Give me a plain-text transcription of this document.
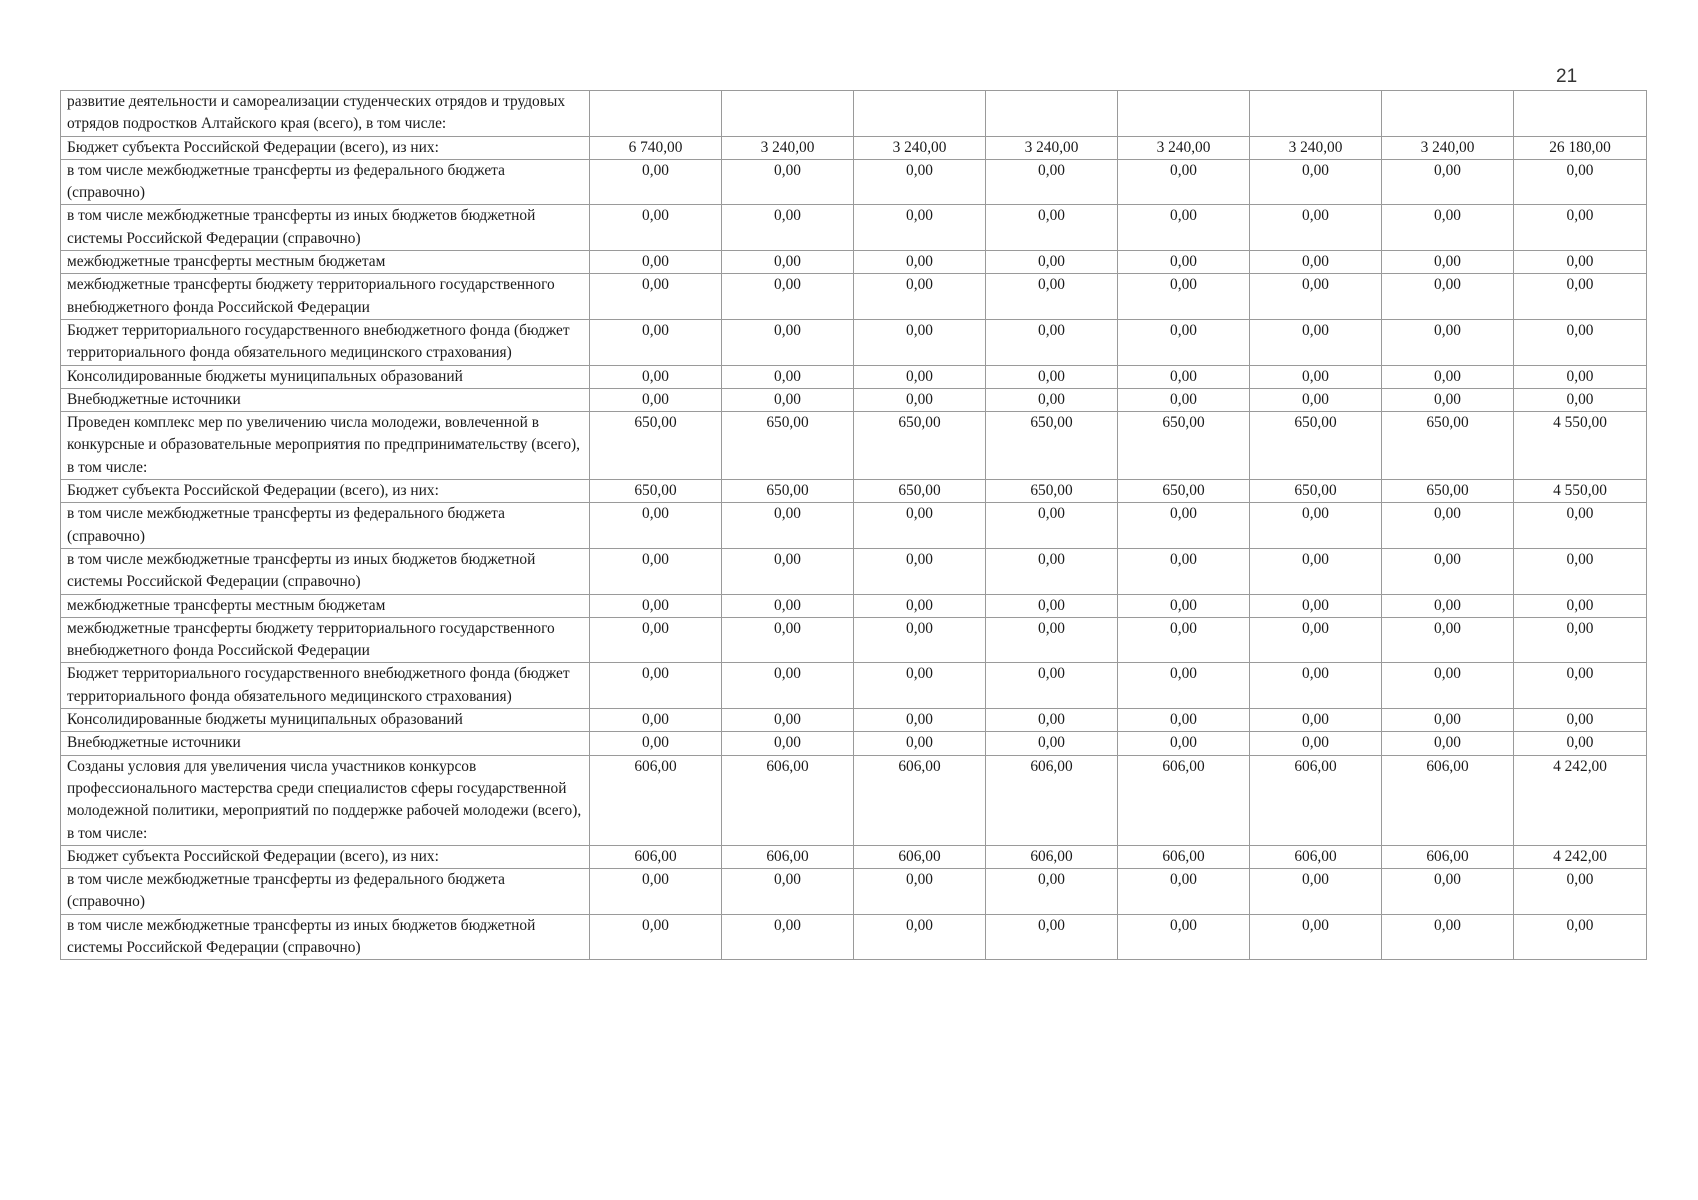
21
развитие деятельности и самореализации студенческих отрядов и трудовых отрядов подростков Алтайского края (всего), в том числе:								
Бюджет субъекта Российской Федерации (всего), из них:	6 740,00	3 240,00	3 240,00	3 240,00	3 240,00	3 240,00	3 240,00	26 180,00
в том числе межбюджетные трансферты из федерального бюджета (справочно)	0,00	0,00	0,00	0,00	0,00	0,00	0,00	0,00
в том числе межбюджетные трансферты из иных бюджетов бюджетной системы Российской Федерации (справочно)	0,00	0,00	0,00	0,00	0,00	0,00	0,00	0,00
межбюджетные трансферты местным бюджетам	0,00	0,00	0,00	0,00	0,00	0,00	0,00	0,00
межбюджетные трансферты бюджету территориального государственного внебюджетного фонда Российской Федерации	0,00	0,00	0,00	0,00	0,00	0,00	0,00	0,00
Бюджет территориального государственного внебюджетного фонда (бюджет территориального фонда обязательного медицинского страхования)	0,00	0,00	0,00	0,00	0,00	0,00	0,00	0,00
Консолидированные бюджеты муниципальных образований	0,00	0,00	0,00	0,00	0,00	0,00	0,00	0,00
Внебюджетные источники	0,00	0,00	0,00	0,00	0,00	0,00	0,00	0,00
Проведен комплекс мер по увеличению числа молодежи, вовлеченной в конкурсные и образовательные мероприятия по предпринимательству (всего), в том числе:	650,00	650,00	650,00	650,00	650,00	650,00	650,00	4 550,00
Бюджет субъекта Российской Федерации (всего), из них:	650,00	650,00	650,00	650,00	650,00	650,00	650,00	4 550,00
в том числе межбюджетные трансферты из федерального бюджета (справочно)	0,00	0,00	0,00	0,00	0,00	0,00	0,00	0,00
в том числе межбюджетные трансферты из иных бюджетов бюджетной системы Российской Федерации (справочно)	0,00	0,00	0,00	0,00	0,00	0,00	0,00	0,00
межбюджетные трансферты местным бюджетам	0,00	0,00	0,00	0,00	0,00	0,00	0,00	0,00
межбюджетные трансферты бюджету территориального государственного внебюджетного фонда Российской Федерации	0,00	0,00	0,00	0,00	0,00	0,00	0,00	0,00
Бюджет территориального государственного внебюджетного фонда (бюджет территориального фонда обязательного медицинского страхования)	0,00	0,00	0,00	0,00	0,00	0,00	0,00	0,00
Консолидированные бюджеты муниципальных образований	0,00	0,00	0,00	0,00	0,00	0,00	0,00	0,00
Внебюджетные источники	0,00	0,00	0,00	0,00	0,00	0,00	0,00	0,00
Созданы условия для увеличения числа участников конкурсов профессионального мастерства среди специалистов сферы государственной молодежной политики, мероприятий по поддержке рабочей молодежи (всего), в том числе:	606,00	606,00	606,00	606,00	606,00	606,00	606,00	4 242,00
Бюджет субъекта Российской Федерации (всего), из них:	606,00	606,00	606,00	606,00	606,00	606,00	606,00	4 242,00
в том числе межбюджетные трансферты из федерального бюджета (справочно)	0,00	0,00	0,00	0,00	0,00	0,00	0,00	0,00
в том числе межбюджетные трансферты из иных бюджетов бюджетной системы Российской Федерации (справочно)	0,00	0,00	0,00	0,00	0,00	0,00	0,00	0,00
